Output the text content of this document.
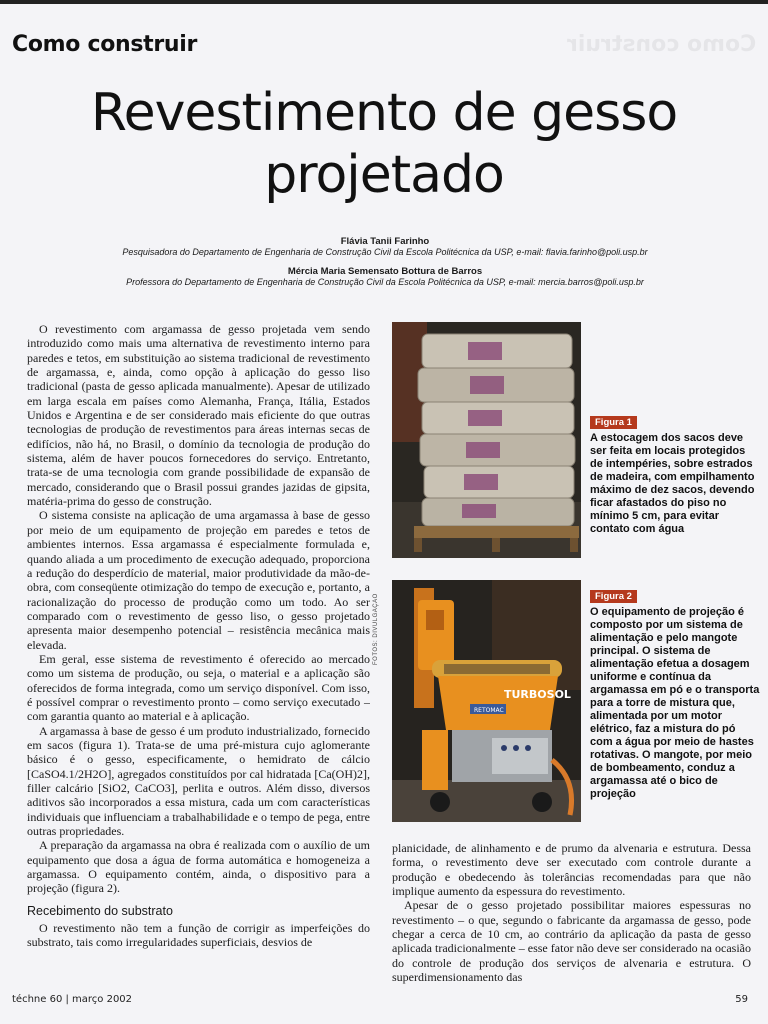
Como construir	Como construir
Revestimento de gesso
projetado
Flávia Tanii Farinho
Pesquisadora do Departamento de Engenharia de Construção Civil da Escola Politécnica da USP, e-mail: flavia.farinho@poli.usp.br
Mércia Maria Semensato Bottura de Barros
Professora do Departamento de Engenharia de Construção Civil da Escola Politécnica da USP, e-mail: mercia.barros@poli.usp.br

O revestimento com argamassa de gesso projetada vem sendo introduzido como mais uma alternativa de revestimento interno para paredes e tetos, em substituição ao sistema tradicional de revestimento de argamassa, e, ainda, como opção à aplicação do gesso liso tradicional (pasta de gesso aplicada manualmente). Apesar de utilizado em larga escala em países como Alemanha, França, Itália, Estados Unidos e Argentina e de ser considerado mais eficiente do que outras tecnologias de produção de revestimentos para áreas internas secas de edifícios, não há, no Brasil, o domínio da tecnologia de produção do sistema, além de haver poucos fornecedores do serviço. Entretanto, trata-se de uma tecnologia com grande possibilidade de expansão de mercado, considerando que o Brasil possui grandes jazidas de gipsita, matéria-prima do gesso de construção.

O sistema consiste na aplicação de uma argamassa à base de gesso por meio de um equipamento de projeção em paredes e tetos de ambientes internos. Essa argamassa é especialmente formulada e, quando aliada a um procedimento de execução adequado, proporciona a redução do desperdício de material, maior produtividade da mão-de-obra, com conseqüente otimização do tempo de execução e, portanto, a racionalização do processo de produção como um todo. Ao ser comparado com o revestimento de gesso liso, o gesso projetado apresenta maior desempenho potencial – resistência mecânica mais elevada.

Em geral, esse sistema de revestimento é oferecido ao mercado como um sistema de produção, ou seja, o material e a aplicação são oferecidos de forma integrada, como um serviço disponível. Com isso, é possível comprar o revestimento pronto – como serviço executado – com garantia quanto ao material e à aplicação.

A argamassa à base de gesso é um produto industrializado, fornecido em sacos (figura 1). Trata-se de uma pré-mistura cujo aglomerante básico é o gesso, especificamente, o hemidrato de cálcio [CaSO4.1/2H2O], agregados constituídos por cal hidratada [Ca(OH)2], filler calcário [SiO2, CaCO3], perlita e outros. Além disso, diversos aditivos são incorporados a essa mistura, cada um com características individuais que influenciam a trabalhabilidade e o tempo de pega, entre outras propriedades.

A preparação da argamassa na obra é realizada com o auxílio de um equipamento que dosa a água de forma automática e homogeneiza a argamassa. O equipamento contém, ainda, o dispositivo para a projeção (figura 2).

Recebimento do substrato

O revestimento não tem a função de corrigir as imperfeições do substrato, tais como irregularidades superficiais, desvios de

Figura 1
A estocagem dos sacos deve ser feita em locais protegidos de intempéries, sobre estrados de madeira, com empilhamento máximo de dez sacos, devendo ficar afastados do piso no mínimo 5 cm, para evitar contato com água
FOTOS: DIVULGAÇÃO
TURBOSOL
RETOMAC
Figura 2
O equipamento de projeção é composto por um sistema de alimentação e pelo mangote principal. O sistema de alimentação efetua a dosagem uniforme e contínua da argamassa em pó e o transporta para a torre de mistura que, alimentada por um motor elétrico, faz a mistura do pó com a água por meio de hastes rotativas. O mangote, por meio de bombeamento, conduz a argamassa até o bico de projeção

planicidade, de alinhamento e de prumo da alvenaria e estrutura. Dessa forma, o revestimento deve ser executado com controle durante a produção e obedecendo às tolerâncias recomendadas para que não implique aumento da espessura do revestimento.

Apesar de o gesso projetado possibilitar maiores espessuras no revestimento – o que, segundo o fabricante da argamassa de gesso, pode chegar a cerca de 10 cm, ao contrário da aplicação da pasta de gesso aplicada tradicionalmente – esse fator não deve ser considerado na ocasião do controle de produção dos serviços de alvenaria e estrutura. O superdimensionamento das

téchne 60 | março 2002	59
